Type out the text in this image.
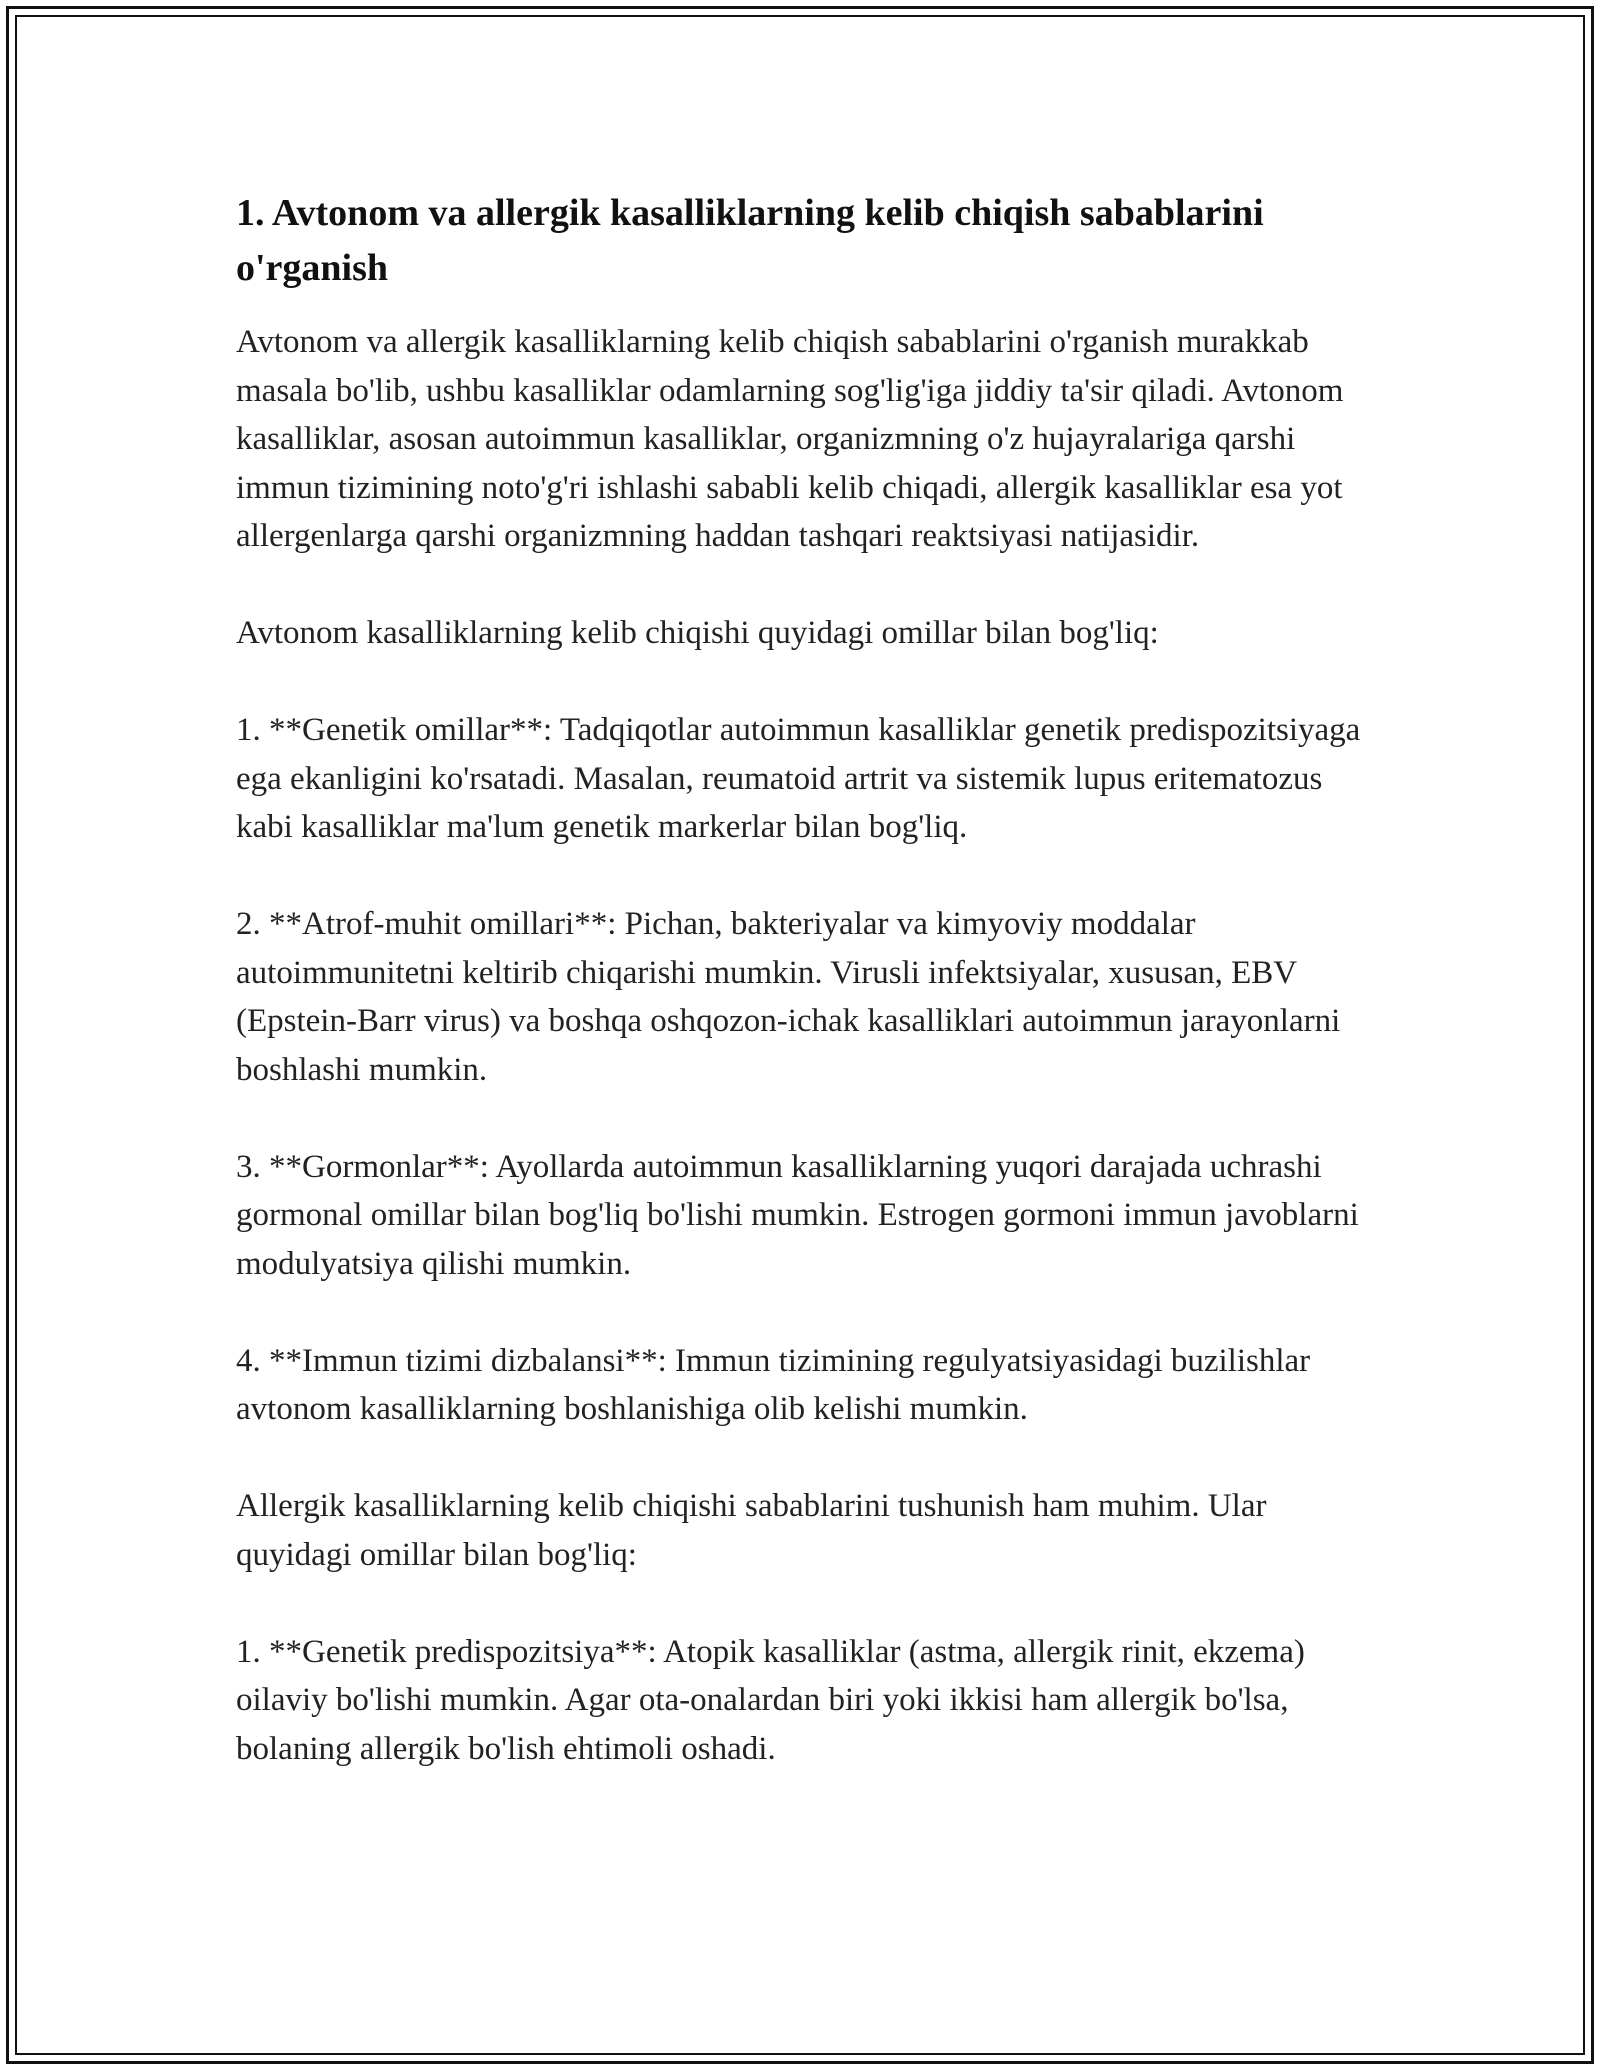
1. Avtonom va allergik kasalliklarning kelib chiqish sabablarini o'rganish

Avtonom va allergik kasalliklarning kelib chiqish sabablarini o'rganish murakkab masala bo'lib, ushbu kasalliklar odamlarning sog'lig'iga jiddiy ta'sir qiladi. Avtonom kasalliklar, asosan autoimmun kasalliklar, organizmning o'z hujayralariga qarshi immun tizimining noto'g'ri ishlashi sababli kelib chiqadi, allergik kasalliklar esa yot allergenlarga qarshi organizmning haddan tashqari reaktsiyasi natijasidir.

Avtonom kasalliklarning kelib chiqishi quyidagi omillar bilan bog'liq:

1. **Genetik omillar**: Tadqiqotlar autoimmun kasalliklar genetik predispozitsiyaga ega ekanligini ko'rsatadi. Masalan, reumatoid artrit va sistemik lupus eritematozus kabi kasalliklar ma'lum genetik markerlar bilan bog'liq.

2. **Atrof-muhit omillari**: Pichan, bakteriyalar va kimyoviy moddalar autoimmunitetni keltirib chiqarishi mumkin. Virusli infektsiyalar, xususan, EBV (Epstein-Barr virus) va boshqa oshqozon-ichak kasalliklari autoimmun jarayonlarni boshlashi mumkin.

3. **Gormonlar**: Ayollarda autoimmun kasalliklarning yuqori darajada uchrashi gormonal omillar bilan bog'liq bo'lishi mumkin. Estrogen gormoni immun javoblarni modulyatsiya qilishi mumkin.

4. **Immun tizimi dizbalansi**: Immun tizimining regulyatsiyasidagi buzilishlar avtonom kasalliklarning boshlanishiga olib kelishi mumkin.

Allergik kasalliklarning kelib chiqishi sabablarini tushunish ham muhim. Ular quyidagi omillar bilan bog'liq:

1. **Genetik predispozitsiya**: Atopik kasalliklar (astma, allergik rinit, ekzema) oilaviy bo'lishi mumkin. Agar ota-onalardan biri yoki ikkisi ham allergik bo'lsa, bolaning allergik bo'lish ehtimoli oshadi.
